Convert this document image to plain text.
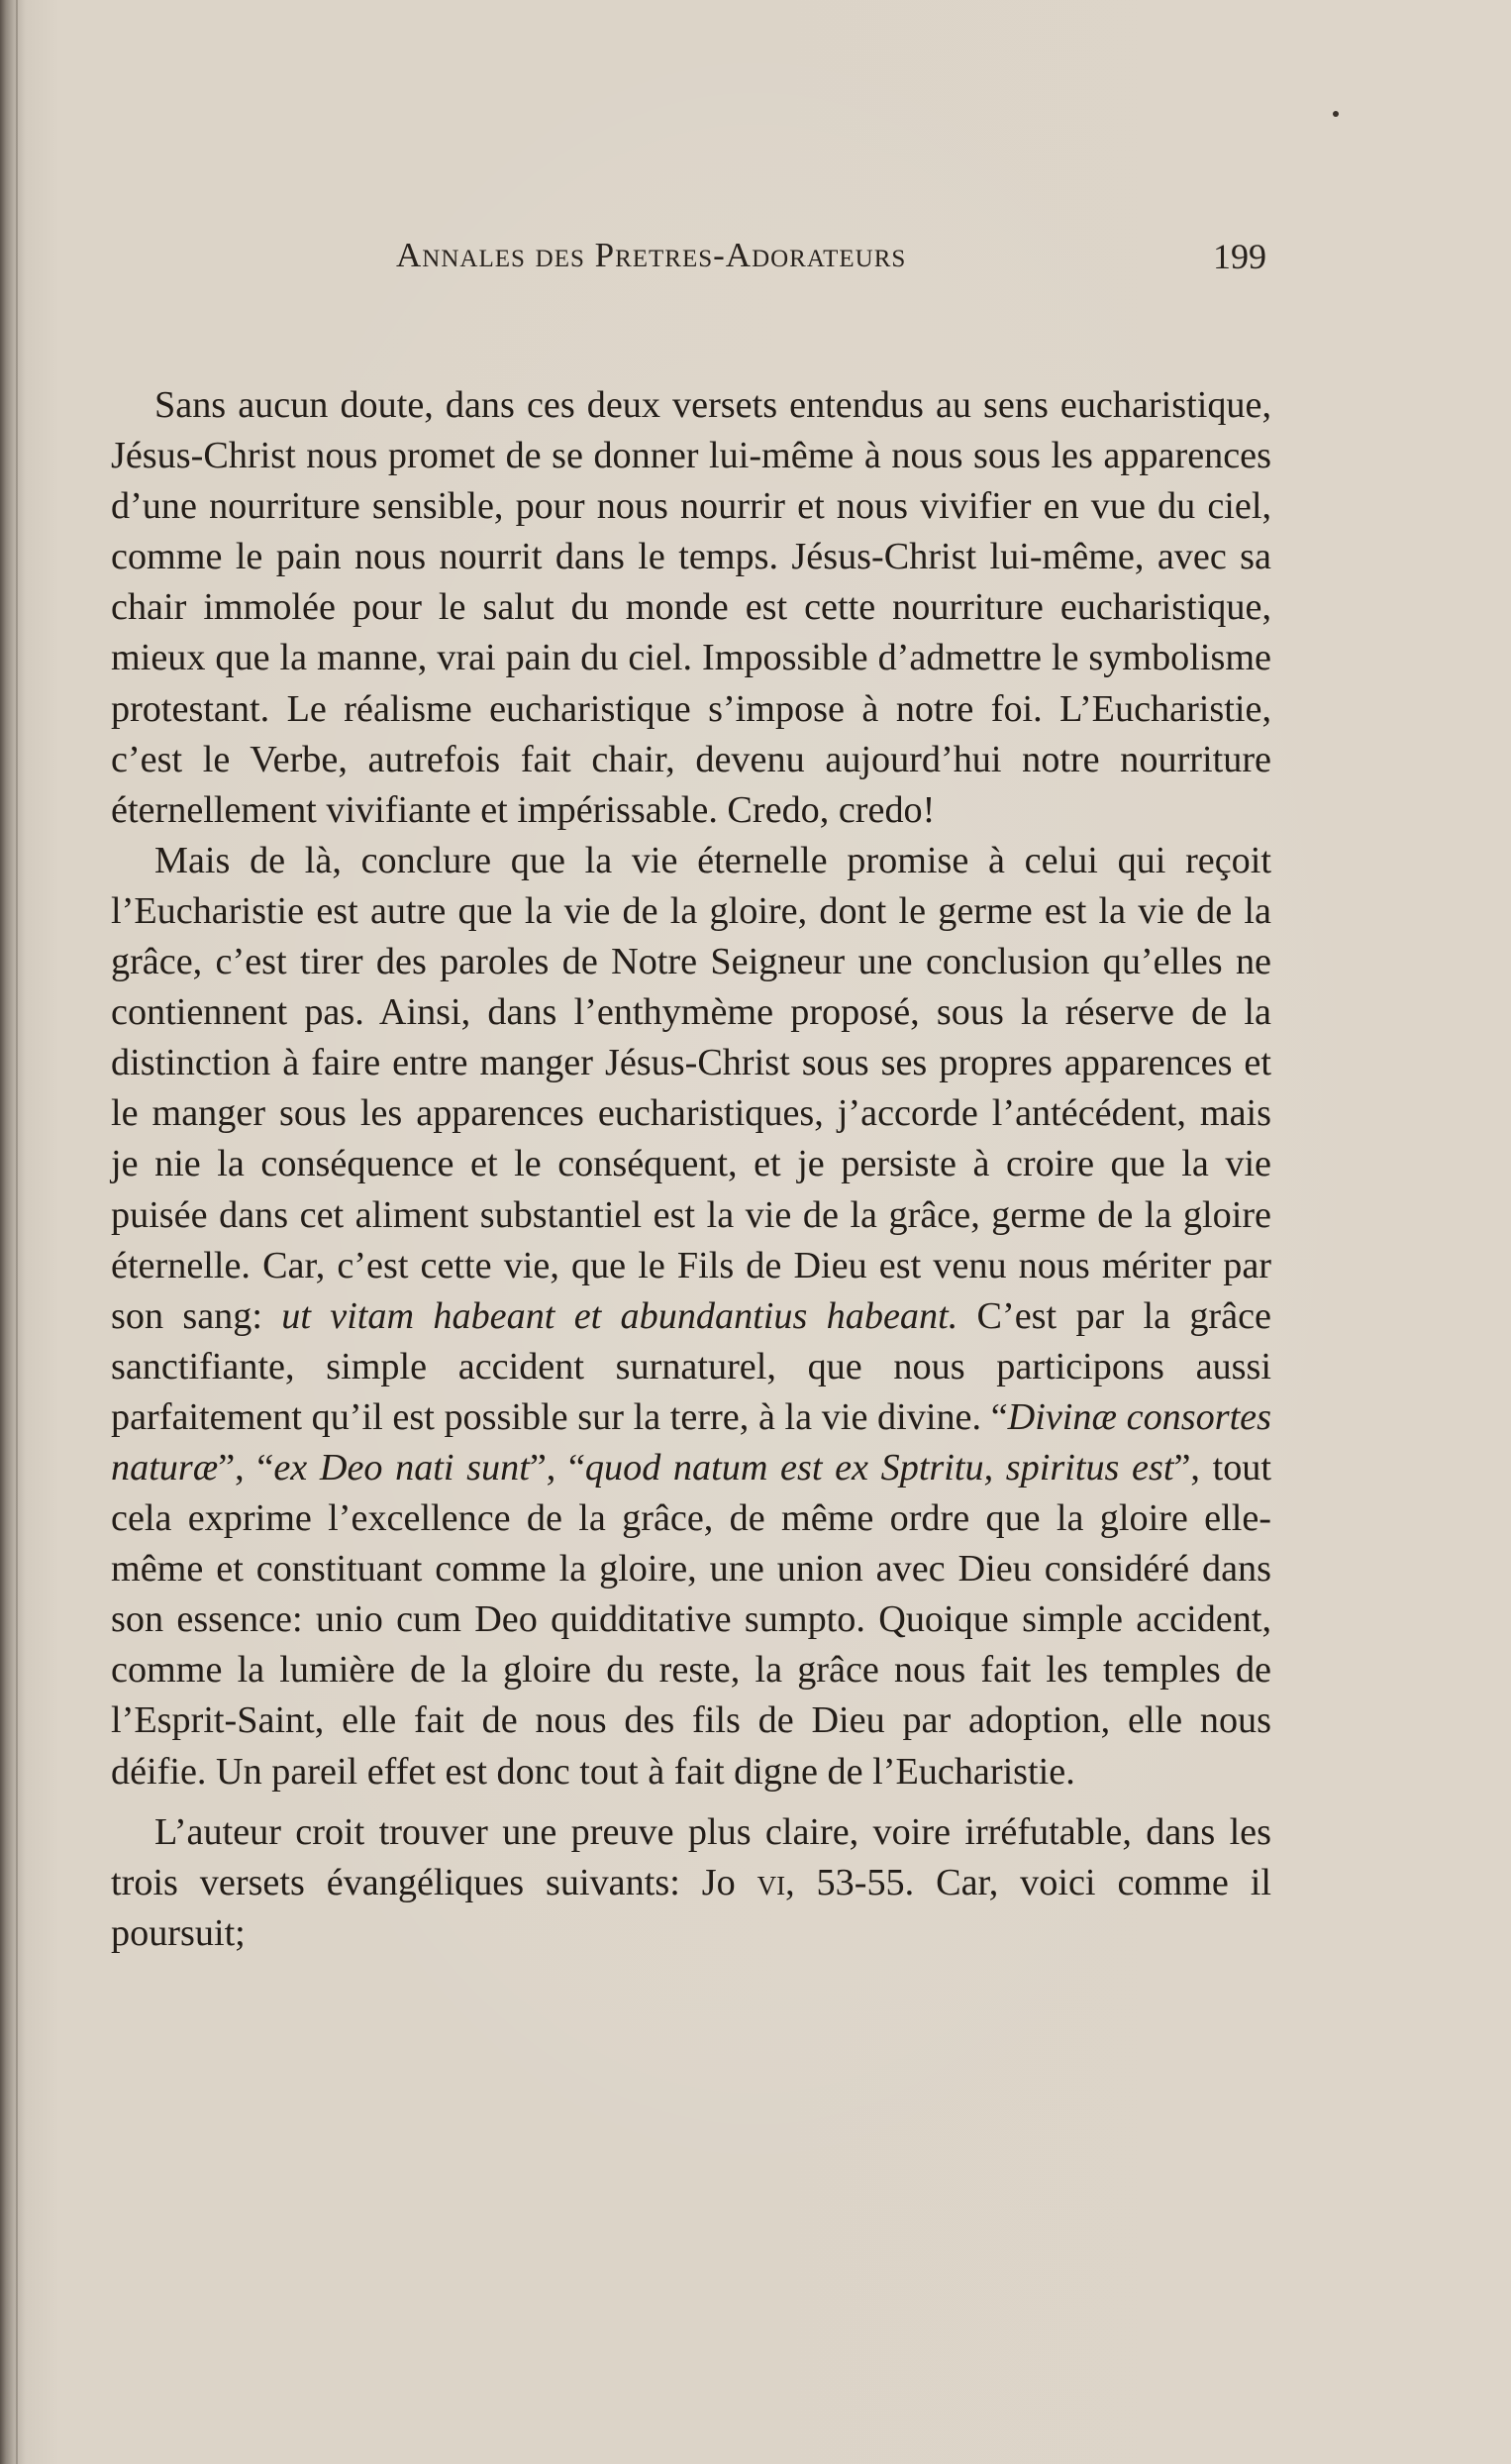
Annales des Pretres-Adorateurs	199

Sans aucun doute, dans ces deux versets entendus au sens eucharistique, Jésus-Christ nous promet de se donner lui-même à nous sous les apparences d’une nourriture sensible, pour nous nourrir et nous vivifier en vue du ciel, comme le pain nous nourrit dans le temps. Jésus-Christ lui-même, avec sa chair immolée pour le salut du monde est cette nourriture eucharistique, mieux que la manne, vrai pain du ciel. Impossible d’admettre le symbolisme protestant. Le réalisme eucharistique s’impose à notre foi. L’Eucharistie, c’est le Verbe, autrefois fait chair, devenu aujourd’hui notre nourriture éternellement vivifiante et impérissable. Credo, credo!

Mais de là, conclure que la vie éternelle promise à celui qui reçoit l’Eucharistie est autre que la vie de la gloire, dont le germe est la vie de la grâce, c’est tirer des paroles de Notre Seigneur une conclusion qu’elles ne contiennent pas. Ainsi, dans l’enthymème proposé, sous la réserve de la distinction à faire entre manger Jésus-Christ sous ses propres apparences et le manger sous les apparences eucharistiques, j’accorde l’antécédent, mais je nie la conséquence et le conséquent, et je persiste à croire que la vie puisée dans cet aliment substantiel est la vie de la grâce, germe de la gloire éternelle. Car, c’est cette vie, que le Fils de Dieu est venu nous mériter par son sang: ut vitam habeant et abundantius habeant. C’est par la grâce sanctifiante, simple accident surnaturel, que nous participons aussi parfaitement qu’il est possible sur la terre, à la vie divine. “Divinæ consortes naturæ”, “ex Deo nati sunt”, “quod natum est ex Sptritu, spiritus est”, tout cela exprime l’excellence de la grâce, de même ordre que la gloire elle-même et constituant comme la gloire, une union avec Dieu considéré dans son essence: unio cum Deo quidditative sumpto. Quoique simple accident, comme la lumière de la gloire du reste, la grâce nous fait les temples de l’Esprit-Saint, elle fait de nous des fils de Dieu par adoption, elle nous déifie. Un pareil effet est donc tout à fait digne de l’Eucharistie.

L’auteur croit trouver une preuve plus claire, voire irréfutable, dans les trois versets évangéliques suivants: Jo vi, 53-55. Car, voici comme il poursuit;
